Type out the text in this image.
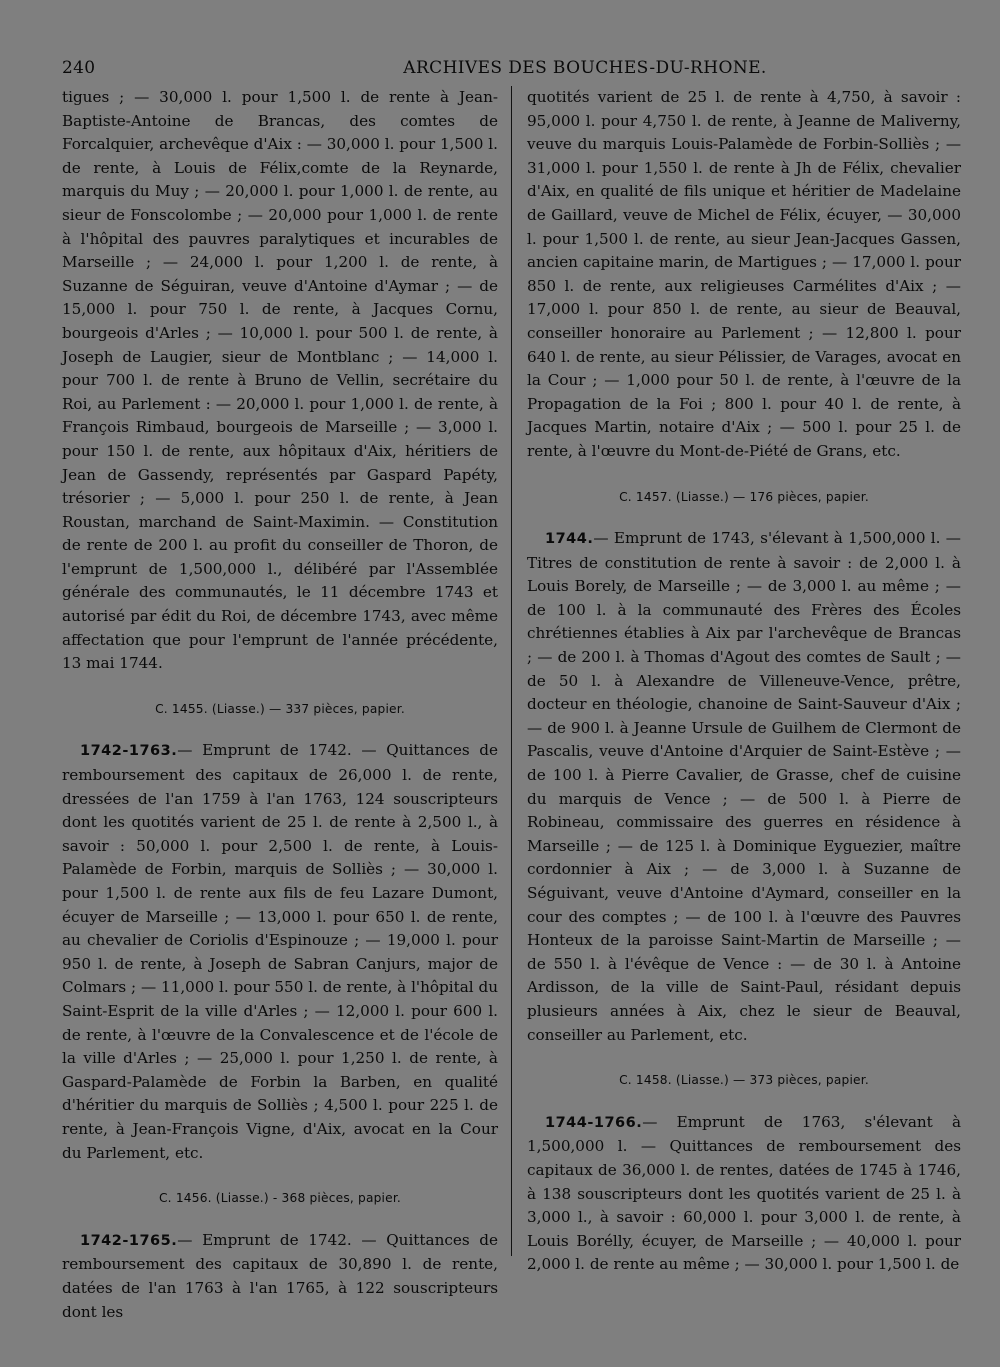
240	ARCHIVES DES BOUCHES-DU-RHONE.

tigues ; — 30,000 l. pour 1,500 l. de rente à Jean-Baptiste-Antoine de Brancas, des comtes de Forcalquier, archevêque d'Aix : — 30,000 l. pour 1,500 l. de rente, à Louis de Félix,comte de la Reynarde, marquis du Muy ; — 20,000 l. pour 1,000 l. de rente, au sieur de Fonscolombe ; — 20,000 pour 1,000 l. de rente à l'hôpital des pauvres paralytiques et incurables de Marseille ; — 24,000 l. pour 1,200 l. de rente, à Suzanne de Séguiran, veuve d'Antoine d'Aymar ; — de 15,000 l. pour 750 l. de rente, à Jacques Cornu, bourgeois d'Arles ; — 10,000 l. pour 500 l. de rente, à Joseph de Laugier, sieur de Montblanc ; — 14,000 l. pour 700 l. de rente à Bruno de Vellin, secrétaire du Roi, au Parlement : — 20,000 l. pour 1,000 l. de rente, à François Rimbaud, bourgeois de Marseille ; — 3,000 l. pour 150 l. de rente, aux hôpitaux d'Aix, héritiers de Jean de Gassendy, représentés par Gaspard Papéty, trésorier ; — 5,000 l. pour 250 l. de rente, à Jean Roustan, marchand de Saint-Maximin. — Constitution de rente de 200 l. au profit du conseiller de Thoron, de l'emprunt de 1,500,000 l., délibéré par l'Assemblée générale des communautés, le 11 décembre 1743 et autorisé par édit du Roi, de décembre 1743, avec même affectation que pour l'emprunt de l'année précédente, 13 mai 1744.

C. 1455. (Liasse.) — 337 pièces, papier.

1742-1763.— Emprunt de 1742. — Quittances de remboursement des capitaux de 26,000 l. de rente, dressées de l'an 1759 à l'an 1763, 124 souscripteurs dont les quotités varient de 25 l. de rente à 2,500 l., à savoir : 50,000 l. pour 2,500 l. de rente, à Louis-Palamède de Forbin, marquis de Solliès ; — 30,000 l. pour 1,500 l. de rente aux fils de feu Lazare Dumont, écuyer de Marseille ; — 13,000 l. pour 650 l. de rente, au chevalier de Coriolis d'Espinouze ; — 19,000 l. pour 950 l. de rente, à Joseph de Sabran Canjurs, major de Colmars ; — 11,000 l. pour 550 l. de rente, à l'hôpital du Saint-Esprit de la ville d'Arles ; — 12,000 l. pour 600 l. de rente, à l'œuvre de la Convalescence et de l'école de la ville d'Arles ; — 25,000 l. pour 1,250 l. de rente, à Gaspard-Palamède de Forbin la Barben, en qualité d'héritier du marquis de Solliès ; 4,500 l. pour 225 l. de rente, à Jean-François Vigne, d'Aix, avocat en la Cour du Parlement, etc.

C. 1456. (Liasse.) - 368 pièces, papier.

1742-1765.— Emprunt de 1742. — Quittances de remboursement des capitaux de 30,890 l. de rente, datées de l'an 1763 à l'an 1765, à 122 souscripteurs dont les

quotités varient de 25 l. de rente à 4,750, à savoir : 95,000 l. pour 4,750 l. de rente, à Jeanne de Maliverny, veuve du marquis Louis-Palamède de Forbin-Solliès ; — 31,000 l. pour 1,550 l. de rente à Jh de Félix, chevalier d'Aix, en qualité de fils unique et héritier de Madelaine de Gaillard, veuve de Michel de Félix, écuyer, — 30,000 l. pour 1,500 l. de rente, au sieur Jean-Jacques Gassen, ancien capitaine marin, de Martigues ; — 17,000 l. pour 850 l. de rente, aux religieuses Carmélites d'Aix ; — 17,000 l. pour 850 l. de rente, au sieur de Beauval, conseiller honoraire au Parlement ; — 12,800 l. pour 640 l. de rente, au sieur Pélissier, de Varages, avocat en la Cour ; — 1,000 pour 50 l. de rente, à l'œuvre de la Propagation de la Foi ; 800 l. pour 40 l. de rente, à Jacques Martin, notaire d'Aix ; — 500 l. pour 25 l. de rente, à l'œuvre du Mont-de-Piété de Grans, etc.

C. 1457. (Liasse.) — 176 pièces, papier.

1744.— Emprunt de 1743, s'élevant à 1,500,000 l. — Titres de constitution de rente à savoir : de 2,000 l. à Louis Borely, de Marseille ; — de 3,000 l. au même ; — de 100 l. à la communauté des Frères des Écoles chrétiennes établies à Aix par l'archevêque de Brancas ; — de 200 l. à Thomas d'Agout des comtes de Sault ; — de 50 l. à Alexandre de Villeneuve-Vence, prêtre, docteur en théologie, chanoine de Saint-Sauveur d'Aix ; — de 900 l. à Jeanne Ursule de Guilhem de Clermont de Pascalis, veuve d'Antoine d'Arquier de Saint-Estève ; — de 100 l. à Pierre Cavalier, de Grasse, chef de cuisine du marquis de Vence ; — de 500 l. à Pierre de Robineau, commissaire des guerres en résidence à Marseille ; — de 125 l. à Dominique Eyguezier, maître cordonnier à Aix ; — de 3,000 l. à Suzanne de Séguivant, veuve d'Antoine d'Aymard, conseiller en la cour des comptes ; — de 100 l. à l'œuvre des Pauvres Honteux de la paroisse Saint-Martin de Marseille ; — de 550 l. à l'évêque de Vence : — de 30 l. à Antoine Ardisson, de la ville de Saint-Paul, résidant depuis plusieurs années à Aix, chez le sieur de Beauval, conseiller au Parlement, etc.

C. 1458. (Liasse.) — 373 pièces, papier.

1744-1766.— Emprunt de 1763, s'élevant à 1,500,000 l. — Quittances de remboursement des capitaux de 36,000 l. de rentes, datées de 1745 à 1746, à 138 souscripteurs dont les quotités varient de 25 l. à 3,000 l., à savoir : 60,000 l. pour 3,000 l. de rente, à Louis Borélly, écuyer, de Marseille ; — 40,000 l. pour 2,000 l. de rente au même ; — 30,000 l. pour 1,500 l. de
